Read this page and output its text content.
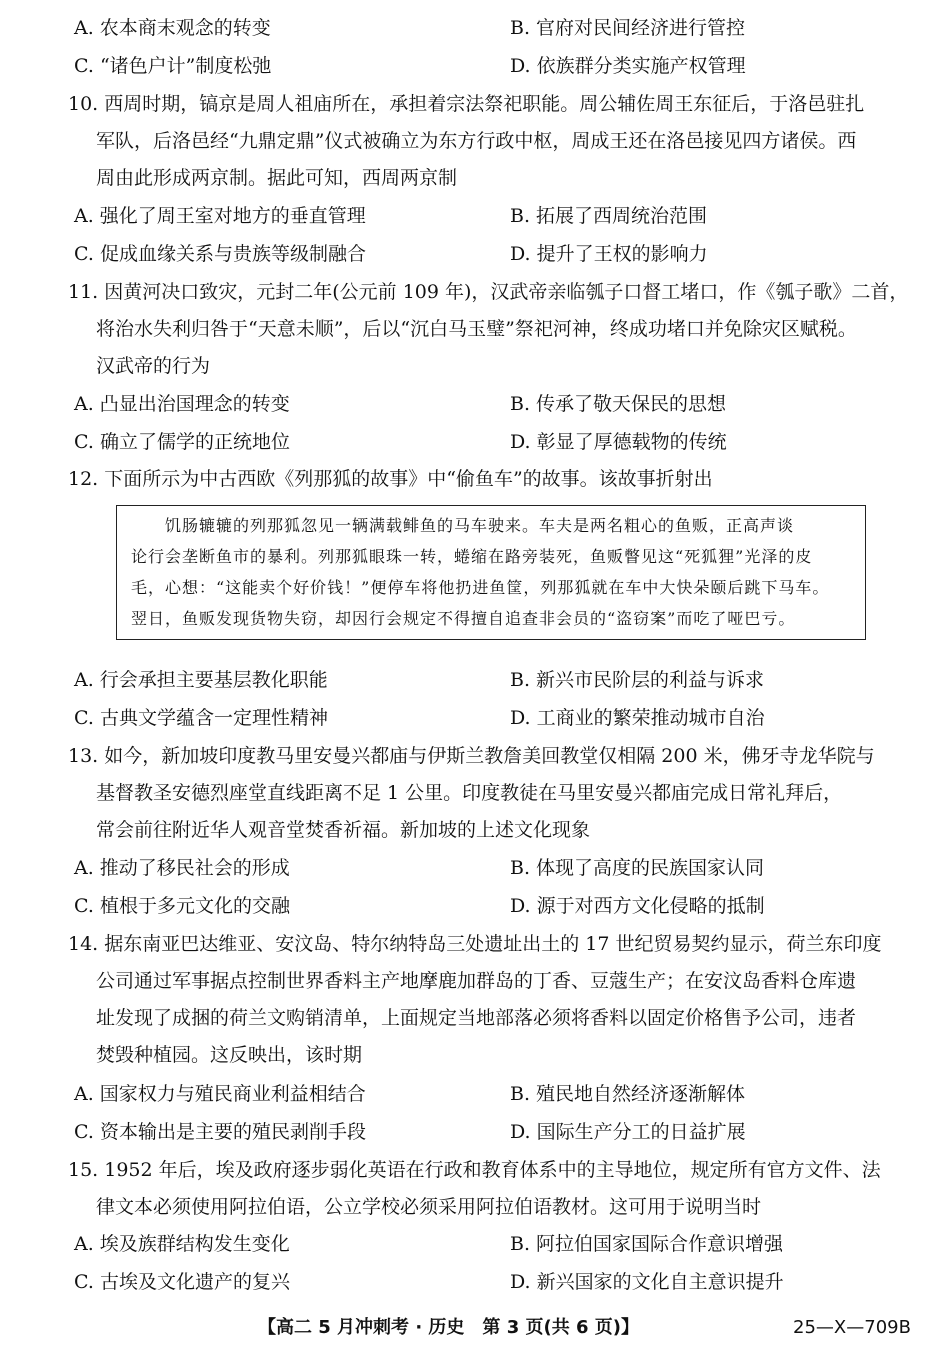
A. 农本商末观念的转变	B. 官府对民间经济进行管控
C. “诸色户计”制度松弛	D. 依族群分类实施产权管理
10. 西周时期，镐京是周人祖庙所在，承担着宗法祭祀职能。周公辅佐周王东征后，于洛邑驻扎
军队，后洛邑经“九鼎定鼎”仪式被确立为东方行政中枢，周成王还在洛邑接见四方诸侯。西
周由此形成两京制。据此可知，西周两京制
A. 强化了周王室对地方的垂直管理	B. 拓展了西周统治范围
C. 促成血缘关系与贵族等级制融合	D. 提升了王权的影响力
11. 因黄河决口致灾，元封二年(公元前 109 年)，汉武帝亲临瓠子口督工堵口，作《瓠子歌》二首，
将治水失利归咎于“天意未顺”，后以“沉白马玉璧”祭祀河神，终成功堵口并免除灾区赋税。
汉武帝的行为
A. 凸显出治国理念的转变	B. 传承了敬天保民的思想
C. 确立了儒学的正统地位	D. 彰显了厚德载物的传统
12. 下面所示为中古西欧《列那狐的故事》中“偷鱼车”的故事。该故事折射出
　　饥肠辘辘的列那狐忽见一辆满载鲱鱼的马车驶来。车夫是两名粗心的鱼贩，正高声谈
论行会垄断鱼市的暴利。列那狐眼珠一转，蜷缩在路旁装死，鱼贩瞥见这“死狐狸”光泽的皮
毛，心想：“这能卖个好价钱！”便停车将他扔进鱼筐，列那狐就在车中大快朵颐后跳下马车。
翌日，鱼贩发现货物失窃，却因行会规定不得擅自追查非会员的“盗窃案”而吃了哑巴亏。
A. 行会承担主要基层教化职能	B. 新兴市民阶层的利益与诉求
C. 古典文学蕴含一定理性精神	D. 工商业的繁荣推动城市自治
13. 如今，新加坡印度教马里安曼兴都庙与伊斯兰教詹美回教堂仅相隔 200 米，佛牙寺龙华院与
基督教圣安德烈座堂直线距离不足 1 公里。印度教徒在马里安曼兴都庙完成日常礼拜后，
常会前往附近华人观音堂焚香祈福。新加坡的上述文化现象
A. 推动了移民社会的形成	B. 体现了高度的民族国家认同
C. 植根于多元文化的交融	D. 源于对西方文化侵略的抵制
14. 据东南亚巴达维亚、安汶岛、特尔纳特岛三处遗址出土的 17 世纪贸易契约显示，荷兰东印度
公司通过军事据点控制世界香料主产地摩鹿加群岛的丁香、豆蔻生产；在安汶岛香料仓库遗
址发现了成捆的荷兰文购销清单，上面规定当地部落必须将香料以固定价格售予公司，违者
焚毁种植园。这反映出，该时期
A. 国家权力与殖民商业利益相结合	B. 殖民地自然经济逐渐解体
C. 资本输出是主要的殖民剥削手段	D. 国际生产分工的日益扩展
15. 1952 年后，埃及政府逐步弱化英语在行政和教育体系中的主导地位，规定所有官方文件、法
律文本必须使用阿拉伯语，公立学校必须采用阿拉伯语教材。这可用于说明当时
A. 埃及族群结构发生变化	B. 阿拉伯国家国际合作意识增强
C. 古埃及文化遗产的复兴	D. 新兴国家的文化自主意识提升
【高二 5 月冲刺考 · 历史　第 3 页(共 6 页)】	25—X—709B
